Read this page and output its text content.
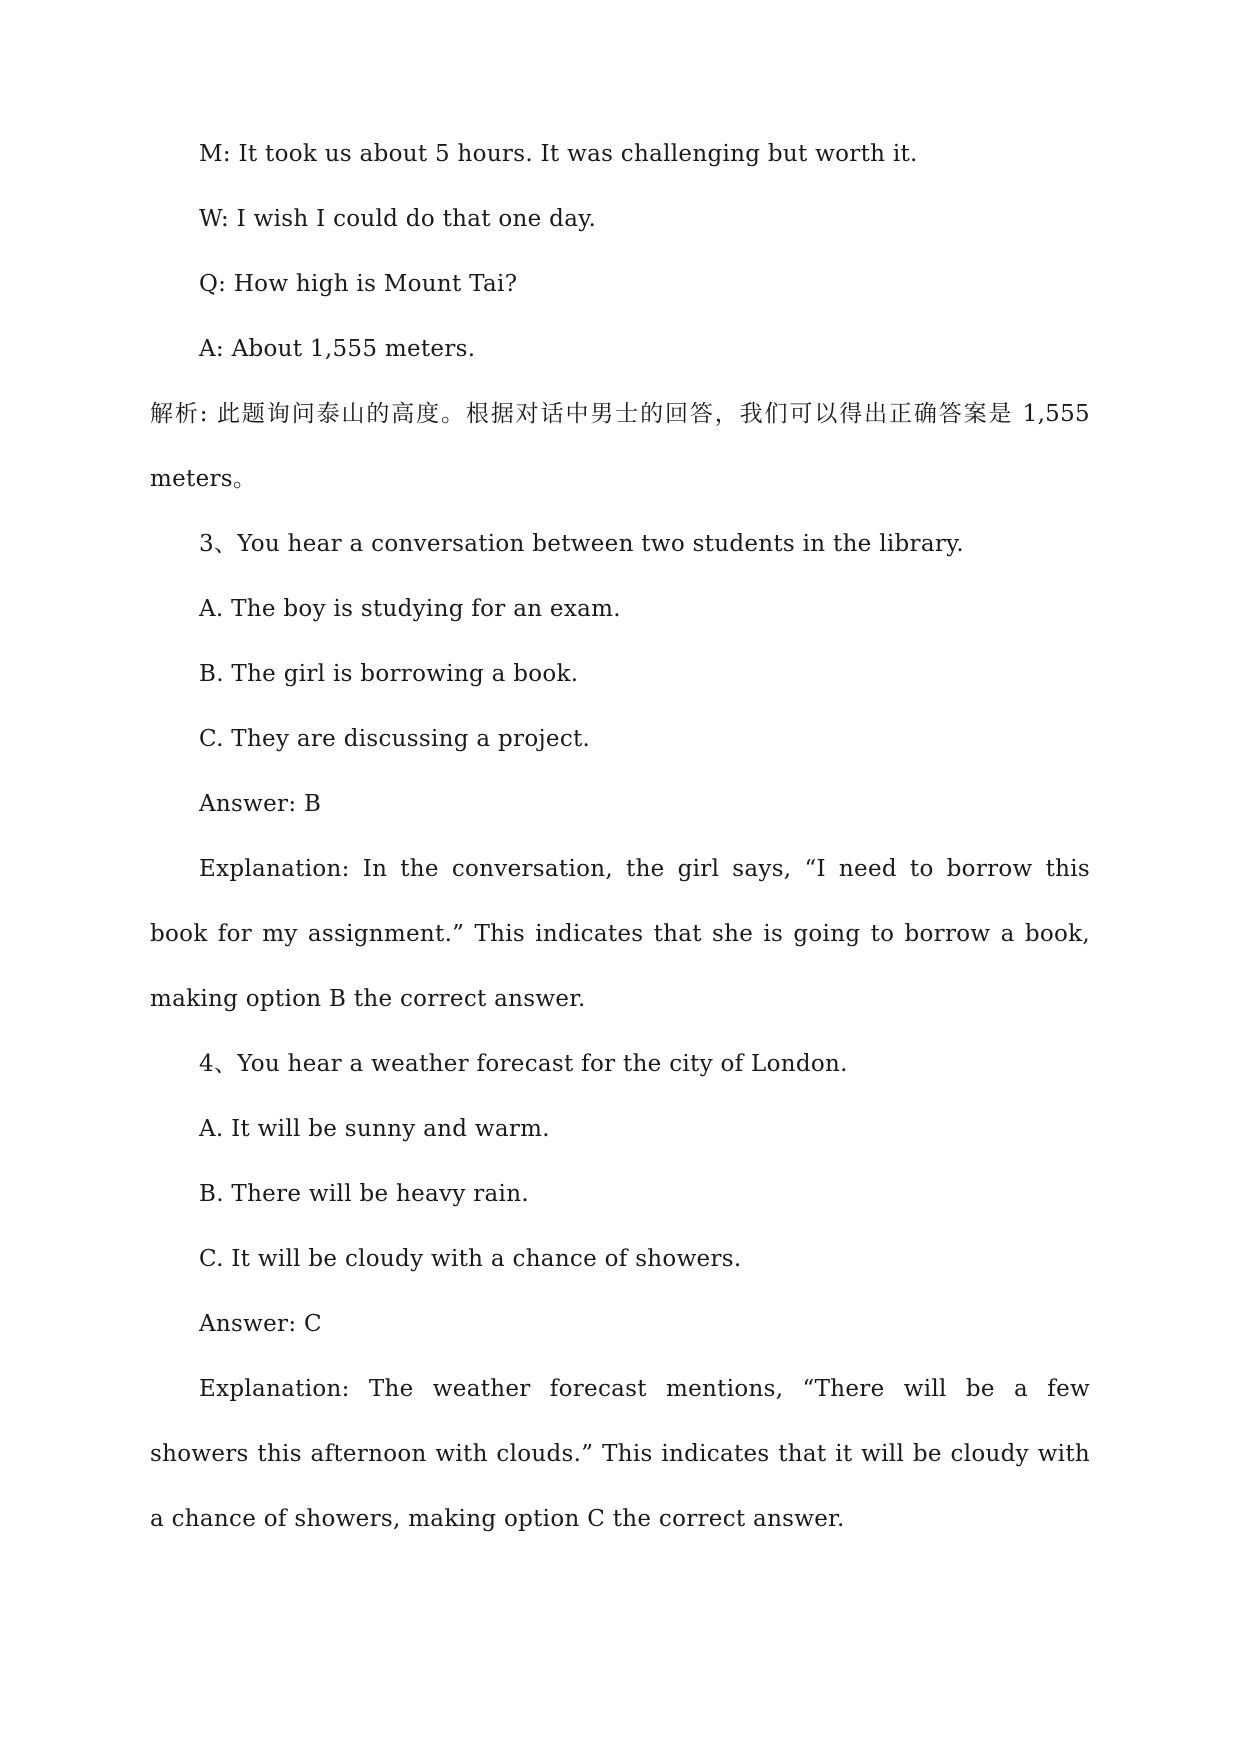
M: It took us about 5 hours. It was challenging but worth it.
W: I wish I could do that one day.
Q: How high is Mount Tai?
A: About 1,555 meters.
解析: 此题询问泰山的高度。根据对话中男士的回答，我们可以得出正确答案是 1,555 meters。
3、You hear a conversation between two students in the library.
A. The boy is studying for an exam.
B. The girl is borrowing a book.
C. They are discussing a project.
Answer: B
Explanation: In the conversation, the girl says, “I need to borrow this book for my assignment.” This indicates that she is going to borrow a book, making option B the correct answer.
4、You hear a weather forecast for the city of London.
A. It will be sunny and warm.
B. There will be heavy rain.
C. It will be cloudy with a chance of showers.
Answer: C
Explanation: The weather forecast mentions, “There will be a few showers this afternoon with clouds.” This indicates that it will be cloudy with a chance of showers, making option C the correct answer.
